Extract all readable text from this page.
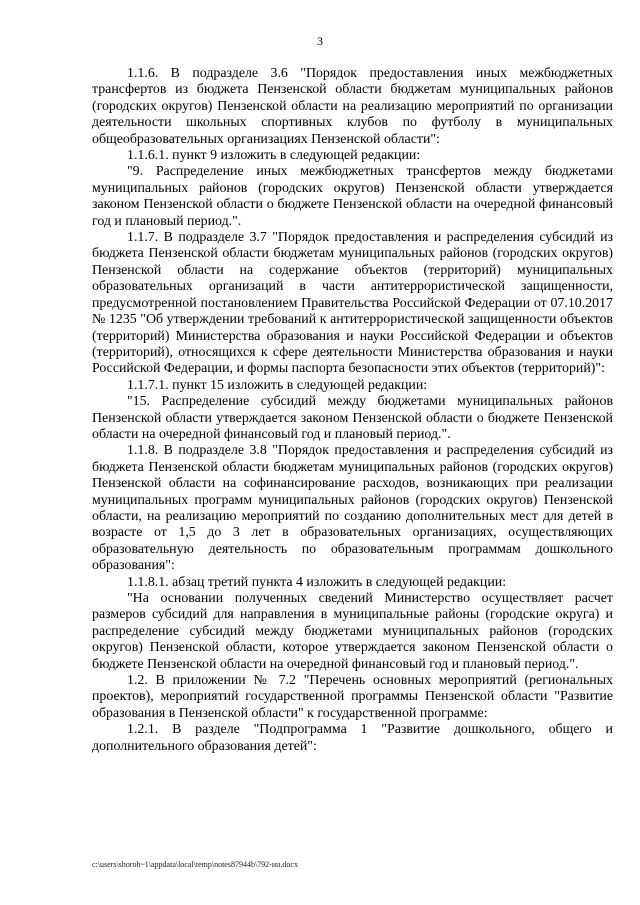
3

1.1.6. В подразделе 3.6 "Порядок предоставления иных межбюджетных трансфертов из бюджета Пензенской области бюджетам муниципальных районов (городских округов) Пензенской области на реализацию мероприятий по организации деятельности школьных спортивных клубов по футболу в муниципальных общеобразовательных организациях Пензенской области":

1.1.6.1. пункт 9 изложить в следующей редакции:

"9. Распределение иных межбюджетных трансфертов между бюджетами муниципальных районов (городских округов) Пензенской области утверждается законом Пензенской области о бюджете Пензенской области на очередной финансовый год и плановый период.".

1.1.7. В подразделе 3.7 "Порядок предоставления и распределения субсидий из бюджета Пензенской области бюджетам муниципальных районов (городских округов) Пензенской области на содержание объектов (территорий) муниципальных образовательных организаций в части антитеррористической защищенности, предусмотренной постановлением Правительства Российской Федерации от 07.10.2017 № 1235 "Об утверждении требований к антитеррористической защищенности объектов (территорий) Министерства образования и науки Российской Федерации и объектов (территорий), относящихся к сфере деятельности Министерства образования и науки Российской Федерации, и формы паспорта безопасности этих объектов (территорий)":

1.1.7.1. пункт 15 изложить в следующей редакции:

"15. Распределение субсидий между бюджетами муниципальных районов Пензенской области утверждается законом Пензенской области о бюджете Пензенской области на очередной финансовый год и плановый период.".

1.1.8. В подразделе 3.8 "Порядок предоставления и распределения субсидий из бюджета Пензенской области бюджетам муниципальных районов (городских округов) Пензенской области на софинансирование расходов, возникающих при реализации муниципальных программ муниципальных районов (городских округов) Пензенской области, на реализацию мероприятий по созданию дополнительных мест для детей в возрасте от 1,5 до 3 лет в образовательных организациях, осуществляющих образовательную деятельность по образовательным программам дошкольного образования":

1.1.8.1. абзац третий пункта 4 изложить в следующей редакции:

"На основании полученных сведений Министерство осуществляет расчет размеров субсидий для направления в муниципальные районы (городские округа) и распределение субсидий между бюджетами муниципальных районов (городских округов) Пензенской области, которое утверждается законом Пензенской области о бюджете Пензенской области на очередной финансовый год и плановый период.".

1.2. В приложении № 7.2 "Перечень основных мероприятий (региональных проектов), мероприятий государственной программы Пензенской области "Развитие образования в Пензенской области" к государственной программе:

1.2.1. В разделе "Подпрограмма 1 "Развитие дошкольного, общего и дополнительного образования детей":

c:\users\shoroh~1\appdata\local\temp\notes87944b\792-ин.docx
